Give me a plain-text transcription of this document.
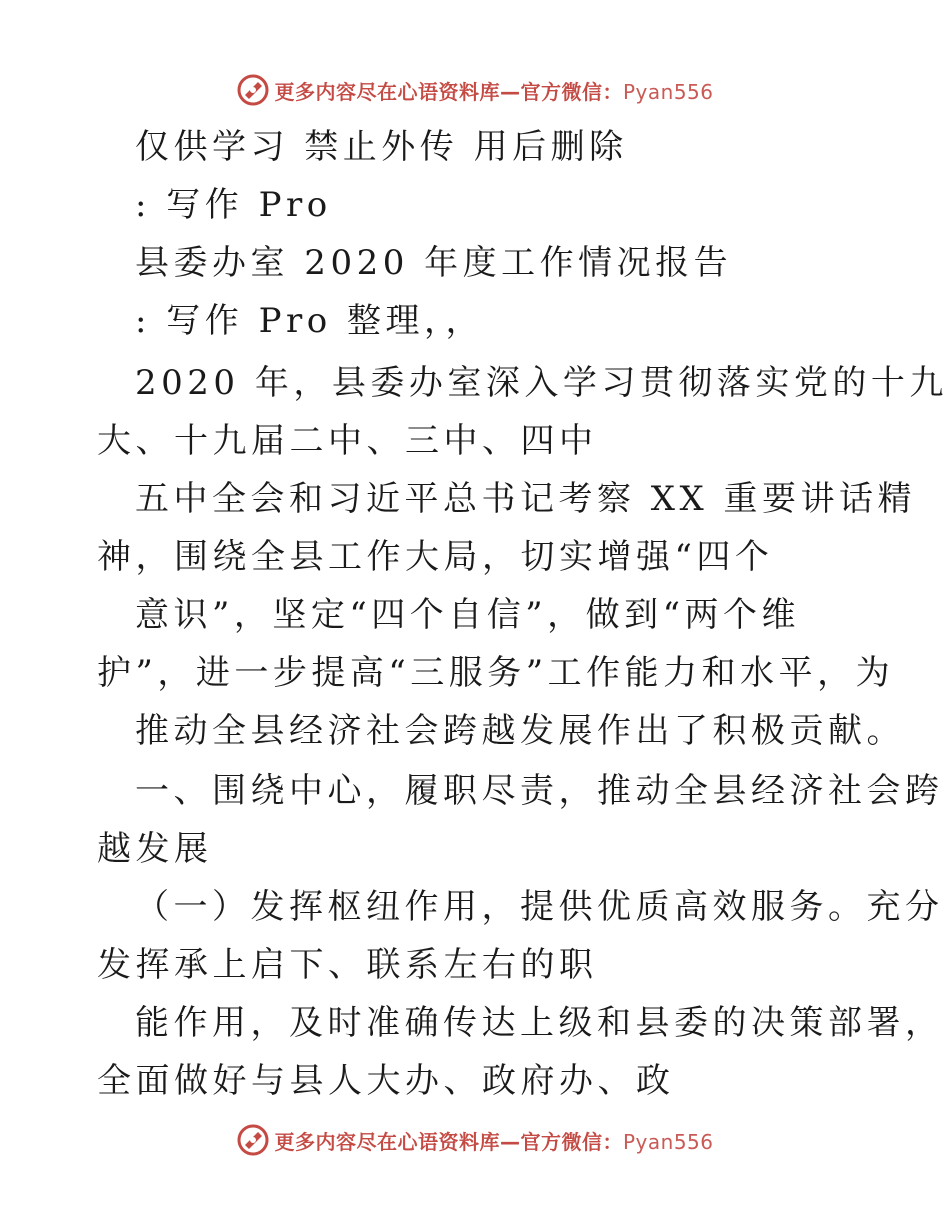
更多内容尽在心语资料库—官方微信：Pyan556
仅供学习 禁止外传 用后删除
: 写作 Pro
县委办室 2020 年度工作情况报告
: 写作 Pro 整理，，
2020 年，县委办室深入学习贯彻落实党的十九
大、十九届二中、三中、四中
五中全会和习近平总书记考察 XX 重要讲话精
神，围绕全县工作大局，切实增强“四个
意识”，坚定“四个自信”，做到“两个维
护”，进一步提高“三服务”工作能力和水平，为
推动全县经济社会跨越发展作出了积极贡献。
一、围绕中心，履职尽责，推动全县经济社会跨
越发展
（一）发挥枢纽作用，提供优质高效服务。充分
发挥承上启下、联系左右的职
能作用，及时准确传达上级和县委的决策部署，
全面做好与县人大办、政府办、政
更多内容尽在心语资料库—官方微信：Pyan556
